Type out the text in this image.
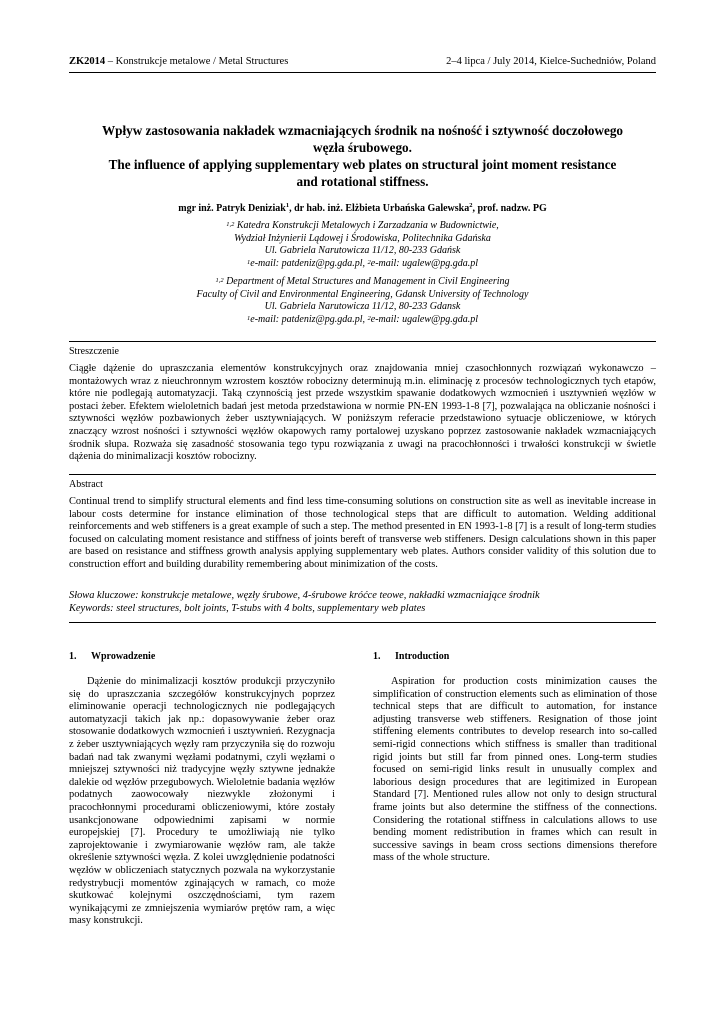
ZK2014 – Konstrukcje metalowe / Metal Structures	2–4 lipca / July 2014, Kielce-Suchedniów, Poland
Wpływ zastosowania nakładek wzmacniających środnik na nośność i sztywność doczołowego
węzła śrubowego.
The influence of applying supplementary web plates on structural joint moment resistance
and rotational stiffness.
mgr inż. Patryk Deniziak$^1$, dr hab. inż. Elżbieta Urbańska Galewska$^2$, prof. nadzw. PG
$^{1,2}$ Katedra Konstrukcji Metalowych i Zarzadzania w Budownictwie,
Wydział Inżynierii Lądowej i Środowiska, Politechnika Gdańska
Ul. Gabriela Narutowicza 11/12, 80-233 Gdańsk
$^1$e-mail: patdeniz@pg.gda.pl, $^2$e-mail: ugalew@pg.gda.pl
$^{1,2}$ Department of Metal Structures and Management in Civil Engineering
Faculty of Civil and Environmental Engineering, Gdansk University of Technology
Ul. Gabriela Narutowicza 11/12, 80-233 Gdansk
$^1$e-mail: patdeniz@pg.gda.pl, $^2$e-mail: ugalew@pg.gda.pl
Streszczenie
Ciągłe dążenie do upraszczania elementów konstrukcyjnych oraz znajdowania mniej czasochłonnych rozwiązań wykonawczo – montażowych wraz z nieuchronnym wzrostem kosztów robocizny determinują m.in. eliminację z procesów technologicznych tych etapów, które nie podlegają automatyzacji. Taką czynnością jest przede wszystkim spawanie dodatkowych wzmocnień i usztywnień węzłów w postaci żeber. Efektem wieloletnich badań jest metoda przedstawiona w normie PN-EN 1993-1-8 [7], pozwalająca na obliczanie nośności i sztywności węzłów pozbawionych żeber usztywniających. W poniższym referacie przedstawiono sytuacje obliczeniowe, w których znaczący wzrost nośności i sztywności węzłów okapowych ramy portalowej uzyskano poprzez zastosowanie nakładek wzmacniających środnik słupa. Rozważa się zasadność stosowania tego typu rozwiązania z uwagi na pracochłonności i trwałości konstrukcji w świetle dążenia do minimalizacji kosztów robocizny.
Abstract
Continual trend to simplify structural elements and find less time-consuming solutions on construction site as well as inevitable increase in labour costs determine for instance elimination of those technological steps that are difficult to automation. Welding additional reinforcements and web stiffeners is a great example of such a step. The method presented in EN 1993-1-8 [7] is a result of long-term studies focused on calculating moment resistance and stiffness of joints bereft of transverse web stiffeners. Design calculations shown in this paper are based on resistance and stiffness growth analysis applying supplementary web plates. Authors consider validity of this solution due to construction effort and building durability remembering about minimization of the costs.
Słowa kluczowe: konstrukcje metalowe, węzły śrubowe, 4-śrubowe króćce teowe, nakładki wzmacniające środnik
Keywords: steel structures, bolt joints, T-stubs with 4 bolts, supplementary web plates
1. Wprowadzenie	1. Introduction

Dążenie do minimalizacji kosztów produkcji przyczyniło się do upraszczania szczegółów konstrukcyjnych poprzez eliminowanie operacji technologicznych nie podlegających automatyzacji takich jak np.: dopasowywanie żeber oraz stosowanie dodatkowych wzmocnień i usztywnień. Rezygnacja z żeber usztywniających węzły ram przyczyniła się do rozwoju badań nad tak zwanymi węzłami podatnymi, czyli węzłami o mniejszej sztywności niż tradycyjne węzły sztywne jednakże dalekie od węzłów przegubowych. Wieloletnie badania węzłów podatnych zaowocowały niezwykle złożonymi i pracochłonnymi procedurami obliczeniowymi, które zostały usankcjonowane odpowiednimi zapisami w normie europejskiej [7]. Procedury te umożliwiają nie tylko zaprojektowanie i zwymiarowanie węzłów ram, ale także określenie sztywności węzła. Z kolei uwzględnienie podatności węzłów w obliczeniach statycznych pozwala na wykorzystanie redystrybucji momentów zginających w ramach, co może skutkować kolejnymi oszczędnościami, tym razem wynikającymi ze zmniejszenia wymiarów prętów ram, a więc masy konstrukcji.

Aspiration for production costs minimization causes the simplification of construction elements such as elimination of those technical steps that are difficult to automation, for instance adjusting transverse web stiffeners. Resignation of those joint stiffening elements contributes to develop research into so-called semi-rigid connections which stiffness is smaller than traditional rigid joints but still far from pinned ones. Long-term studies focused on semi-rigid links result in unusually complex and laborious design procedures that are legitimized in European Standard [7]. Mentioned rules allow not only to design structural frame joints but also determine the stiffness of the connections. Considering the rotational stiffness in calculations allows to use bending moment redistribution in frames which can result in successive savings in beam cross sections dimensions therefore mass of the whole structure.
